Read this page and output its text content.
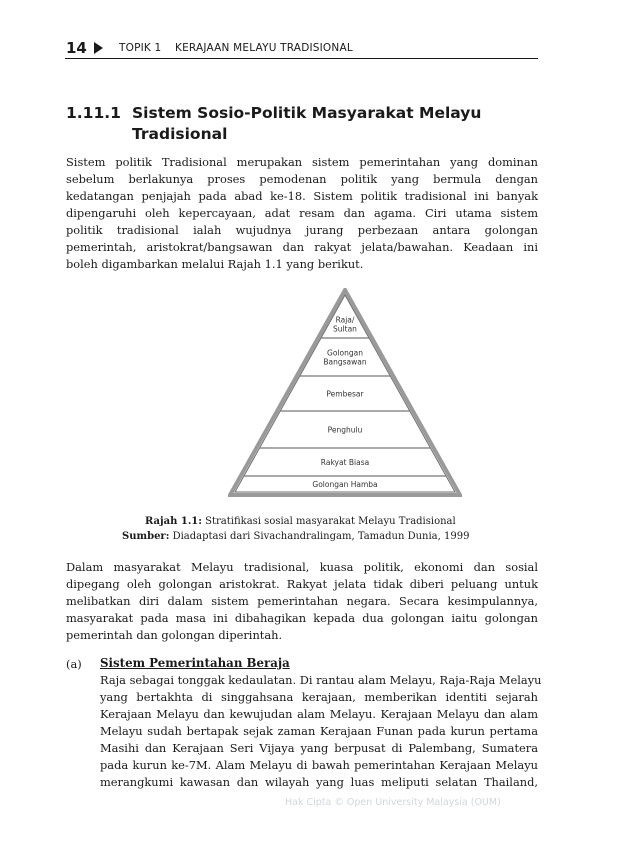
14	TOPIK 1 KERAJAAN MELAYU TRADISIONAL
1.11.1 Sistem Sosio-Politik Masyarakat Melayu
Tradisional
Sistem politik Tradisional merupakan sistem pemerintahan yang dominan
sebelum berlakunya proses pemodenan politik yang bermula dengan
kedatangan penjajah pada abad ke-18. Sistem politik tradisional ini banyak
dipengaruhi oleh kepercayaan, adat resam dan agama. Ciri utama sistem
politik tradisional ialah wujudnya jurang perbezaan antara golongan
pemerintah, aristokrat/bangsawan dan rakyat jelata/bawahan. Keadaan ini
boleh digambarkan melalui Rajah 1.1 yang berikut.
Raja/
Sultan
Golongan
Bangsawan
Pembesar
Penghulu
Rakyat Biasa
Golongan Hamba
Rajah 1.1: Stratifikasi sosial masyarakat Melayu Tradisional
Sumber: Diadaptasi dari Sivachandralingam, Tamadun Dunia, 1999
Dalam masyarakat Melayu tradisional, kuasa politik, ekonomi dan sosial
dipegang oleh golongan aristokrat. Rakyat jelata tidak diberi peluang untuk
melibatkan diri dalam sistem pemerintahan negara. Secara kesimpulannya,
masyarakat pada masa ini dibahagikan kepada dua golongan iaitu golongan
pemerintah dan golongan diperintah.
(a) Sistem Pemerintahan Beraja
Raja sebagai tonggak kedaulatan. Di rantau alam Melayu, Raja-Raja Melayu
yang bertakhta di singgahsana kerajaan, memberikan identiti sejarah
Kerajaan Melayu dan kewujudan alam Melayu. Kerajaan Melayu dan alam
Melayu sudah bertapak sejak zaman Kerajaan Funan pada kurun pertama
Masihi dan Kerajaan Seri Vijaya yang berpusat di Palembang, Sumatera
pada kurun ke-7M. Alam Melayu di bawah pemerintahan Kerajaan Melayu
merangkumi kawasan dan wilayah yang luas meliputi selatan Thailand,
Hak Cipta © Open University Malaysia (OUM)
